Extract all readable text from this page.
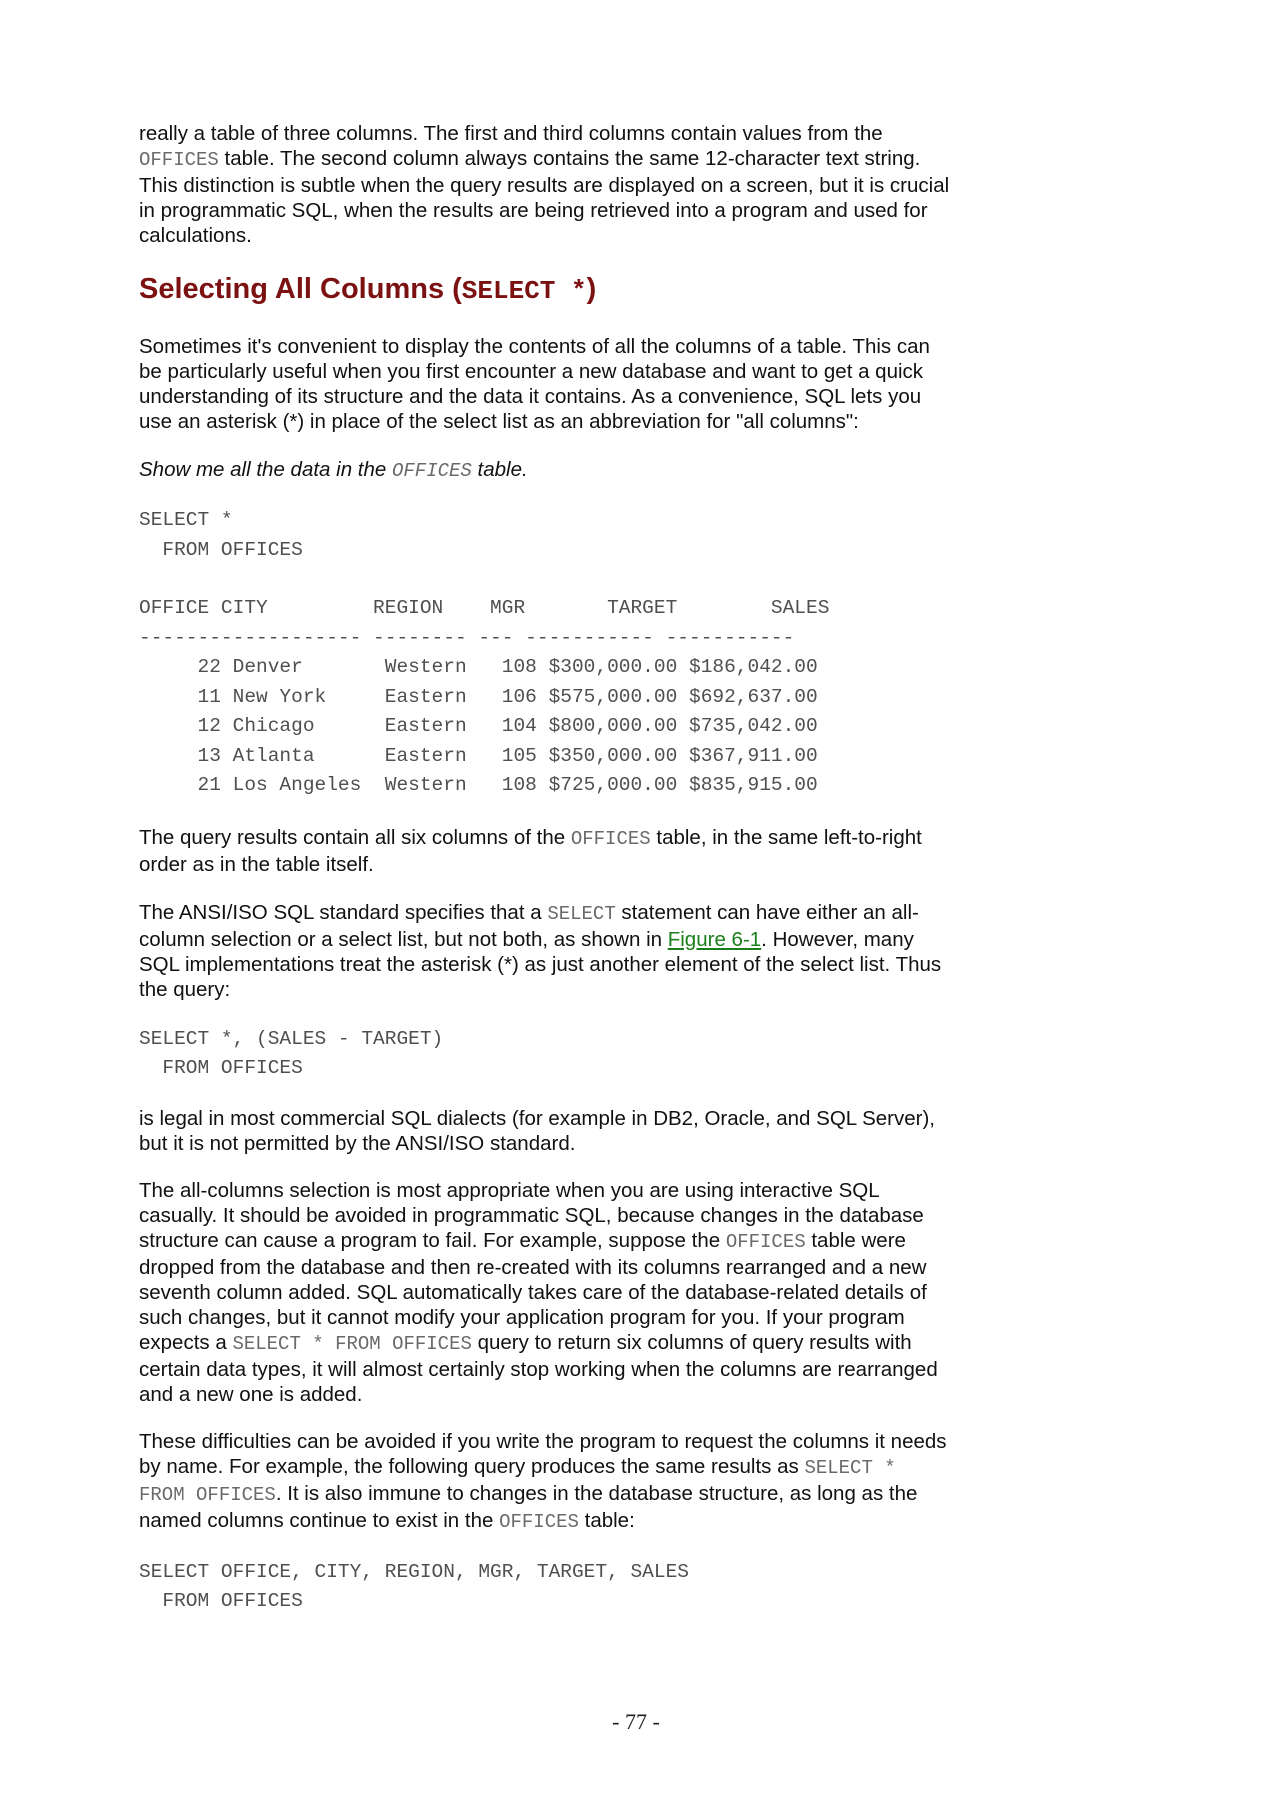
really a table of three columns. The first and third columns contain values from the
OFFICES table. The second column always contains the same 12-character text string.
This distinction is subtle when the query results are displayed on a screen, but it is crucial
in programmatic SQL, when the results are being retrieved into a program and used for
calculations.

Selecting All Columns (SELECT *)

Sometimes it's convenient to display the contents of all the columns of a table. This can
be particularly useful when you first encounter a new database and want to get a quick
understanding of its structure and the data it contains. As a convenience, SQL lets you
use an asterisk (*) in place of the select list as an abbreviation for "all columns":

Show me all the data in the OFFICES table.

SELECT *
FROM OFFICES
OFFICE CITY         REGION    MGR       TARGET        SALES
------------------- -------- --- ----------- -----------
22 Denver       Western   108 $300,000.00 $186,042.00
11 New York     Eastern   106 $575,000.00 $692,637.00
12 Chicago      Eastern   104 $800,000.00 $735,042.00
13 Atlanta      Eastern   105 $350,000.00 $367,911.00
21 Los Angeles  Western   108 $725,000.00 $835,915.00

The query results contain all six columns of the OFFICES table, in the same left-to-right
order as in the table itself.

The ANSI/ISO SQL standard specifies that a SELECT statement can have either an all-
column selection or a select list, but not both, as shown in Figure 6-1. However, many
SQL implementations treat the asterisk (*) as just another element of the select list. Thus
the query:

SELECT *, (SALES - TARGET)
FROM OFFICES

is legal in most commercial SQL dialects (for example in DB2, Oracle, and SQL Server),
but it is not permitted by the ANSI/ISO standard.

The all-columns selection is most appropriate when you are using interactive SQL
casually. It should be avoided in programmatic SQL, because changes in the database
structure can cause a program to fail. For example, suppose the OFFICES table were
dropped from the database and then re-created with its columns rearranged and a new
seventh column added. SQL automatically takes care of the database-related details of
such changes, but it cannot modify your application program for you. If your program
expects a SELECT * FROM OFFICES query to return six columns of query results with
certain data types, it will almost certainly stop working when the columns are rearranged
and a new one is added.

These difficulties can be avoided if you write the program to request the columns it needs
by name. For example, the following query produces the same results as SELECT *
FROM OFFICES. It is also immune to changes in the database structure, as long as the
named columns continue to exist in the OFFICES table:

SELECT OFFICE, CITY, REGION, MGR, TARGET, SALES
FROM OFFICES
- 77 -
